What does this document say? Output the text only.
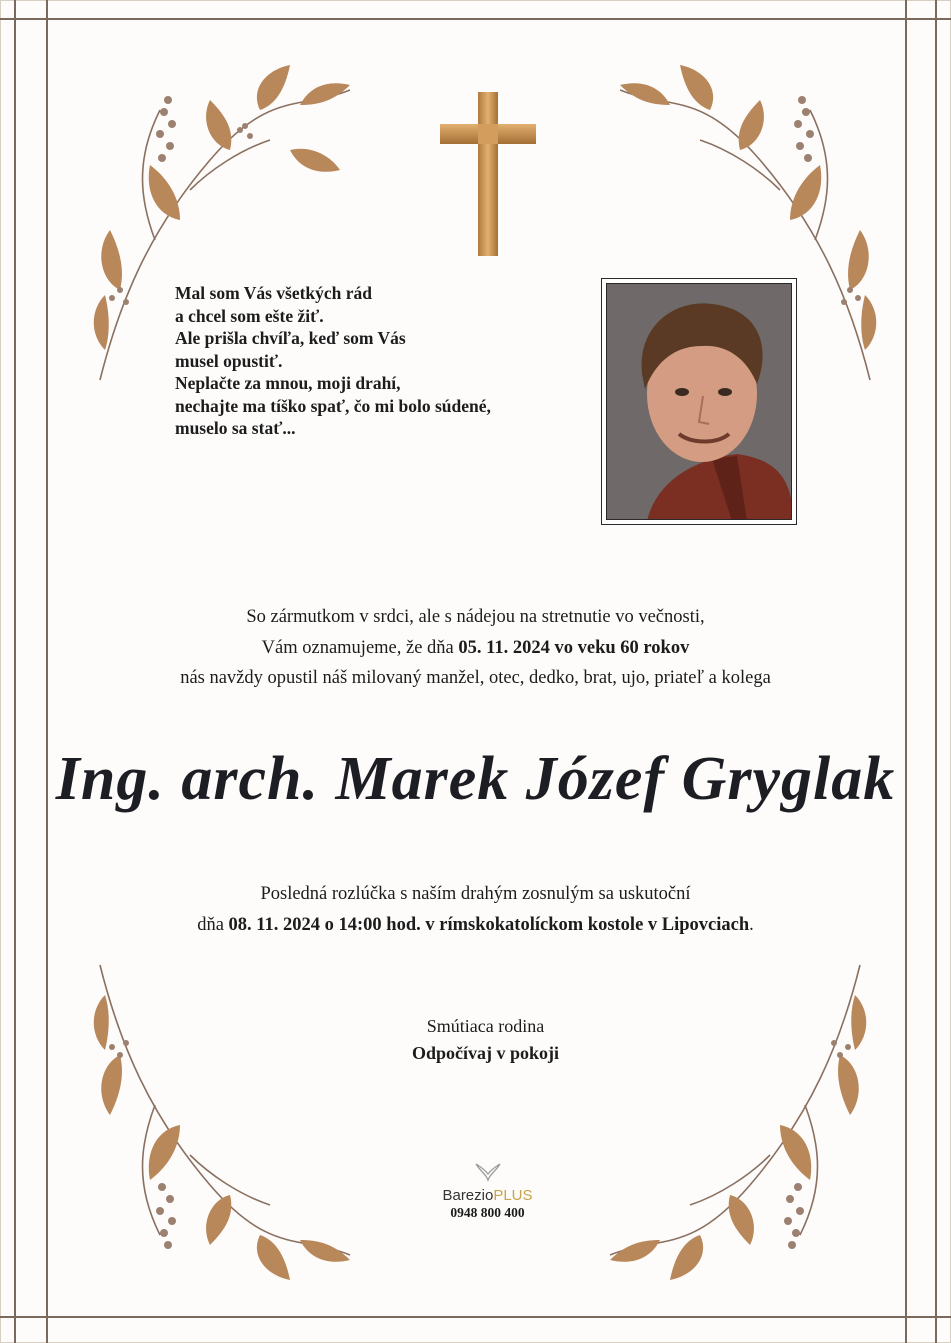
Mal som Vás všetkých rád
a chcel som ešte žiť.
Ale prišla chvíľa, keď som Vás
musel opustiť.
Neplačte za mnou, moji drahí,
nechajte ma tíško spať, čo mi bolo súdené,
muselo sa stať...
So zármutkom v srdci, ale s nádejou na stretnutie vo večnosti,
Vám oznamujeme, že dňa 05. 11. 2024 vo veku 60 rokov
nás navždy opustil náš milovaný manžel, otec, dedko, brat, ujo, priateľ a kolega
Ing. arch. Marek Józef Gryglak
Posledná rozlúčka s naším drahým zosnulým sa uskutoční
dňa 08. 11. 2024 o 14:00 hod. v rímskokatolíckom kostole v Lipovciach.
Smútiaca rodina
Odpočívaj v pokoji
BarezioPLUS
0948 800 400
